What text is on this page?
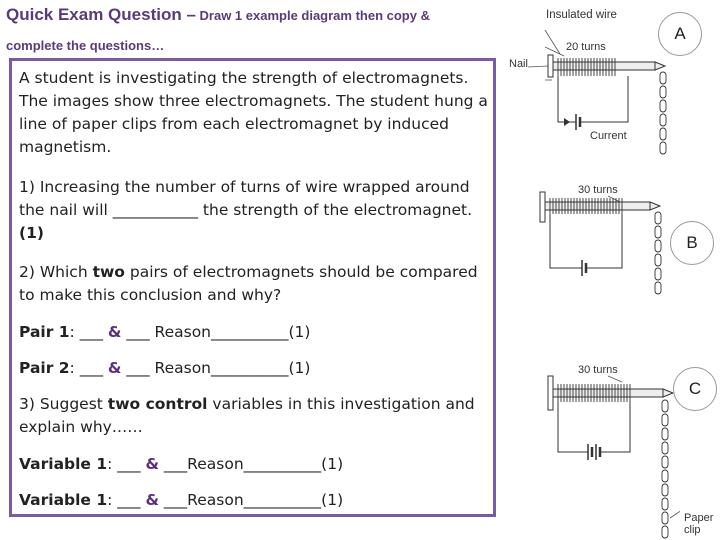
Quick Exam Question – Draw 1 example diagram then copy &
complete the questions…

A student is investigating the strength of electromagnets. The images show three electromagnets. The student hung a line of paper clips from each electromagnet by induced magnetism.

1) Increasing the number of turns of wire wrapped around the nail will ___________ the strength of the electromagnet. (1)

2) Which two pairs of electromagnets should be compared to make this conclusion and why?

Pair 1: ___ & ___ Reason__________(1)

Pair 2: ___ & ___ Reason__________(1)

3) Suggest two control variables in this investigation and explain why……

Variable 1: ___ & ___Reason__________(1)

Variable 1: ___ & ___Reason__________(1)

Insulated wire
20 turns
Nail
Current
A
30 turns
B
30 turns
Paper
clip
C
